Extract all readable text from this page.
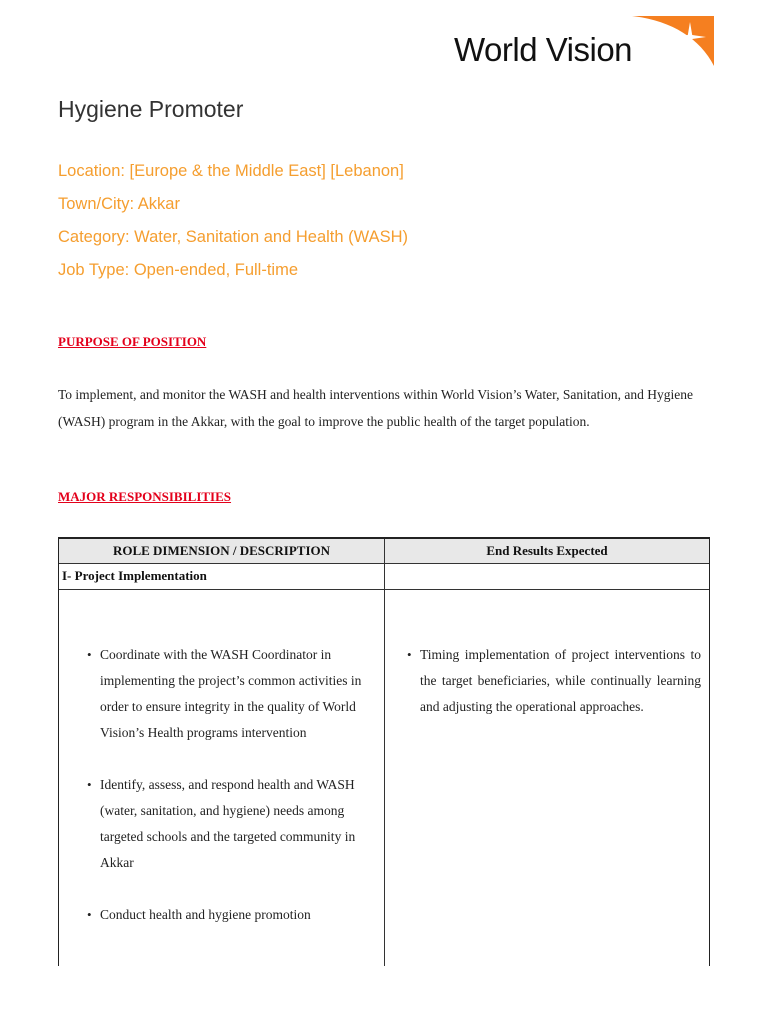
World Vision
Hygiene Promoter
Location: [Europe & the Middle East] [Lebanon]
Town/City: Akkar
Category: Water, Sanitation and Health (WASH)
Job Type: Open-ended, Full-time
PURPOSE OF POSITION

To implement, and monitor the WASH and health interventions within World Vision’s Water, Sanitation, and Hygiene (WASH) program in the Akkar, with the goal to improve the public health of the target population.

MAJOR RESPONSIBILITIES
ROLE DIMENSION / DESCRIPTION	End Results Expected
I- Project Implementation
• Coordinate with the WASH Coordinator in implementing the project’s common activities in order to ensure integrity in the quality of World Vision’s Health programs intervention
• Identify, assess, and respond health and WASH (water, sanitation, and hygiene) needs among targeted schools and the targeted community in Akkar
• Conduct health and hygiene promotion
• Timing implementation of project interventions to the target beneficiaries, while continually learning and adjusting the operational approaches.
